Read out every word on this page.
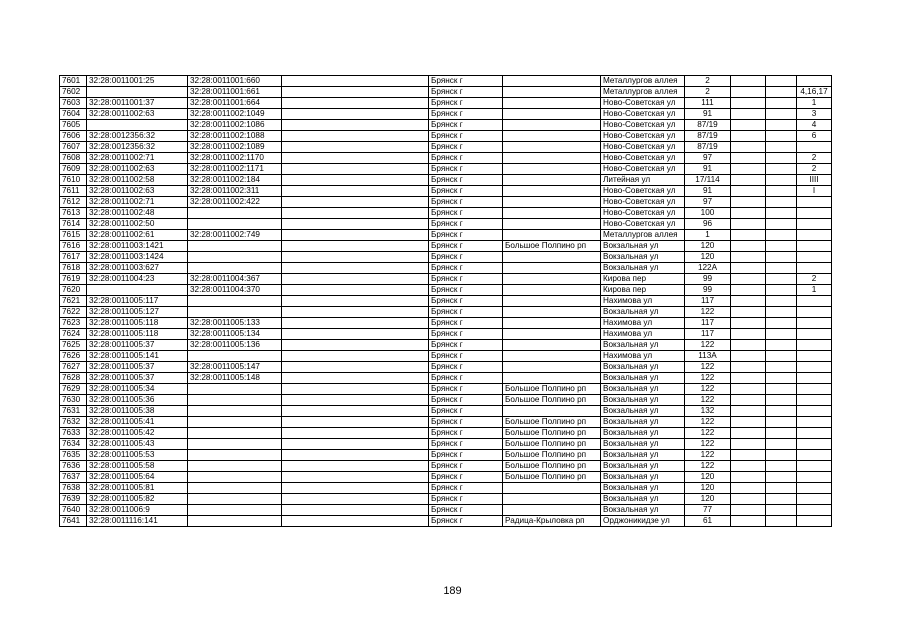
7601	32:28:0011001:25	32:28:0011001:660		Брянск г		Металлургов аллея	2			
7602		32:28:0011001:661		Брянск г		Металлургов аллея	2			4,16,17
7603	32:28:0011001:37	32:28:0011001:664		Брянск г		Ново-Советская ул	111			1
7604	32:28:0011002:63	32:28:0011002:1049		Брянск г		Ново-Советская ул	91			3
7605		32:28:0011002:1086		Брянск г		Ново-Советская ул	87/19			4
7606	32:28:0012356:32	32:28:0011002:1088		Брянск г		Ново-Советская ул	87/19			6
7607	32:28:0012356:32	32:28:0011002:1089		Брянск г		Ново-Советская ул	87/19			
7608	32:28:0011002:71	32:28:0011002:1170		Брянск г		Ново-Советская ул	97			2
7609	32:28:0011002:63	32:28:0011002:1171		Брянск г		Ново-Советская ул	91			2
7610	32:28:0011002:58	32:28:0011002:184		Брянск г		Литейная ул	17/114			IIII
7611	32:28:0011002:63	32:28:0011002:311		Брянск г		Ново-Советская ул	91			I
7612	32:28:0011002:71	32:28:0011002:422		Брянск г		Ново-Советская ул	97			
7613	32:28:0011002:48			Брянск г		Ново-Советская ул	100			
7614	32:28:0011002:50			Брянск г		Ново-Советская ул	96			
7615	32:28:0011002:61	32:28:0011002:749		Брянск г		Металлургов аллея	1			
7616	32:28:0011003:1421			Брянск г	Большое Полпино рп	Вокзальная ул	120			
7617	32:28:0011003:1424			Брянск г		Вокзальная ул	120			
7618	32:28:0011003:627			Брянск г		Вокзальная ул	122А			
7619	32:28:0011004:23	32:28:0011004:367		Брянск г		Кирова пер	99			2
7620		32:28:0011004:370		Брянск г		Кирова пер	99			1
7621	32:28:0011005:117			Брянск г		Нахимова ул	117			
7622	32:28:0011005:127			Брянск г		Вокзальная ул	122			
7623	32:28:0011005:118	32:28:0011005:133		Брянск г		Нахимова ул	117			
7624	32:28:0011005:118	32:28:0011005:134		Брянск г		Нахимова ул	117			
7625	32:28:0011005:37	32:28:0011005:136		Брянск г		Вокзальная ул	122			
7626	32:28:0011005:141			Брянск г		Нахимова ул	113А			
7627	32:28:0011005:37	32:28:0011005:147		Брянск г		Вокзальная ул	122			
7628	32:28:0011005:37	32:28:0011005:148		Брянск г		Вокзальная ул	122			
7629	32:28:0011005:34			Брянск г	Большое Полпино рп	Вокзальная ул	122			
7630	32:28:0011005:36			Брянск г	Большое Полпино рп	Вокзальная ул	122			
7631	32:28:0011005:38			Брянск г		Вокзальная ул	132			
7632	32:28:0011005:41			Брянск г	Большое Полпино рп	Вокзальная ул	122			
7633	32:28:0011005:42			Брянск г	Большое Полпино рп	Вокзальная ул	122			
7634	32:28:0011005:43			Брянск г	Большое Полпино рп	Вокзальная ул	122			
7635	32:28:0011005:53			Брянск г	Большое Полпино рп	Вокзальная ул	122			
7636	32:28:0011005:58			Брянск г	Большое Полпино рп	Вокзальная ул	122			
7637	32:28:0011005:64			Брянск г	Большое Полпино рп	Вокзальная ул	120			
7638	32:28:0011005:81			Брянск г		Вокзальная ул	120			
7639	32:28:0011005:82			Брянск г		Вокзальная ул	120			
7640	32:28:0011006:9			Брянск г		Вокзальная ул	77			
7641	32:28:0011116:141			Брянск г	Радица-Крыловка рп	Орджоникидзе ул	61			
189
